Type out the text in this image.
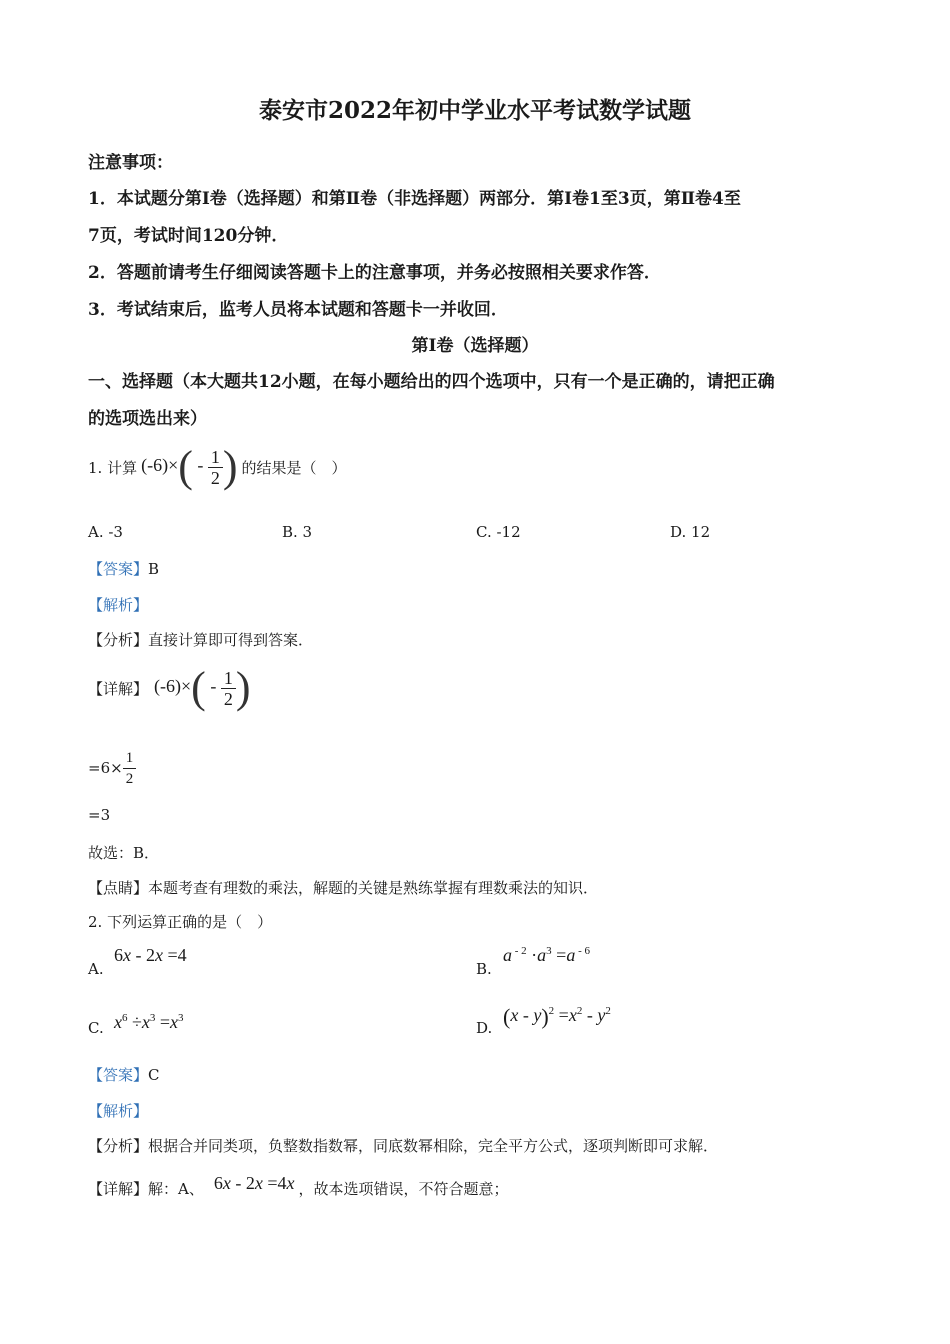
泰安市2022年初中学业水平考试数学试题
注意事项：
1．本试题分第Ⅰ卷（选择题）和第Ⅱ卷（非选择题）两部分．第Ⅰ卷1至3页，第Ⅱ卷4至
7页，考试时间120分钟．
2．答题前请考生仔细阅读答题卡上的注意事项，并务必按照相关要求作答．
3．考试结束后，监考人员将本试题和答题卡一并收回．
第Ⅰ卷（选择题）
一、选择题（本大题共12小题，在每小题给出的四个选项中，只有一个是正确的，请把正确
的选项选出来）
1. 计算 $(-6)\times( - \frac{1}{2}$ ) 的结果是（　）
A. -3	B. 3	C. -12	D. 12
【答案】B
【解析】
【分析】直接计算即可得到答案．
【详解】 $(-6)\times( - \frac{1}{2}$ )
$=6\times \frac{1}{2}$
=3
故选：B．
【点睛】本题考查有理数的乘法，解题的关键是熟练掌握有理数乘法的知识．
2. 下列运算正确的是（　）
A.
6x - 2x =4
B.
a $^{- 2} \cdot a^3 =a$ $^{- 6}$
C. $x^6 \div x^3 =x^3$
D. $(x - y)^2 =x^2 - y^2$
【答案】C
【解析】
【分析】根据合并同类项，负整数指数幂，同底数幂相除，完全平方公式，逐项判断即可求解．
【详解】 解：A、 6x - 2x =4x ，故本选项错误，不符合题意；
